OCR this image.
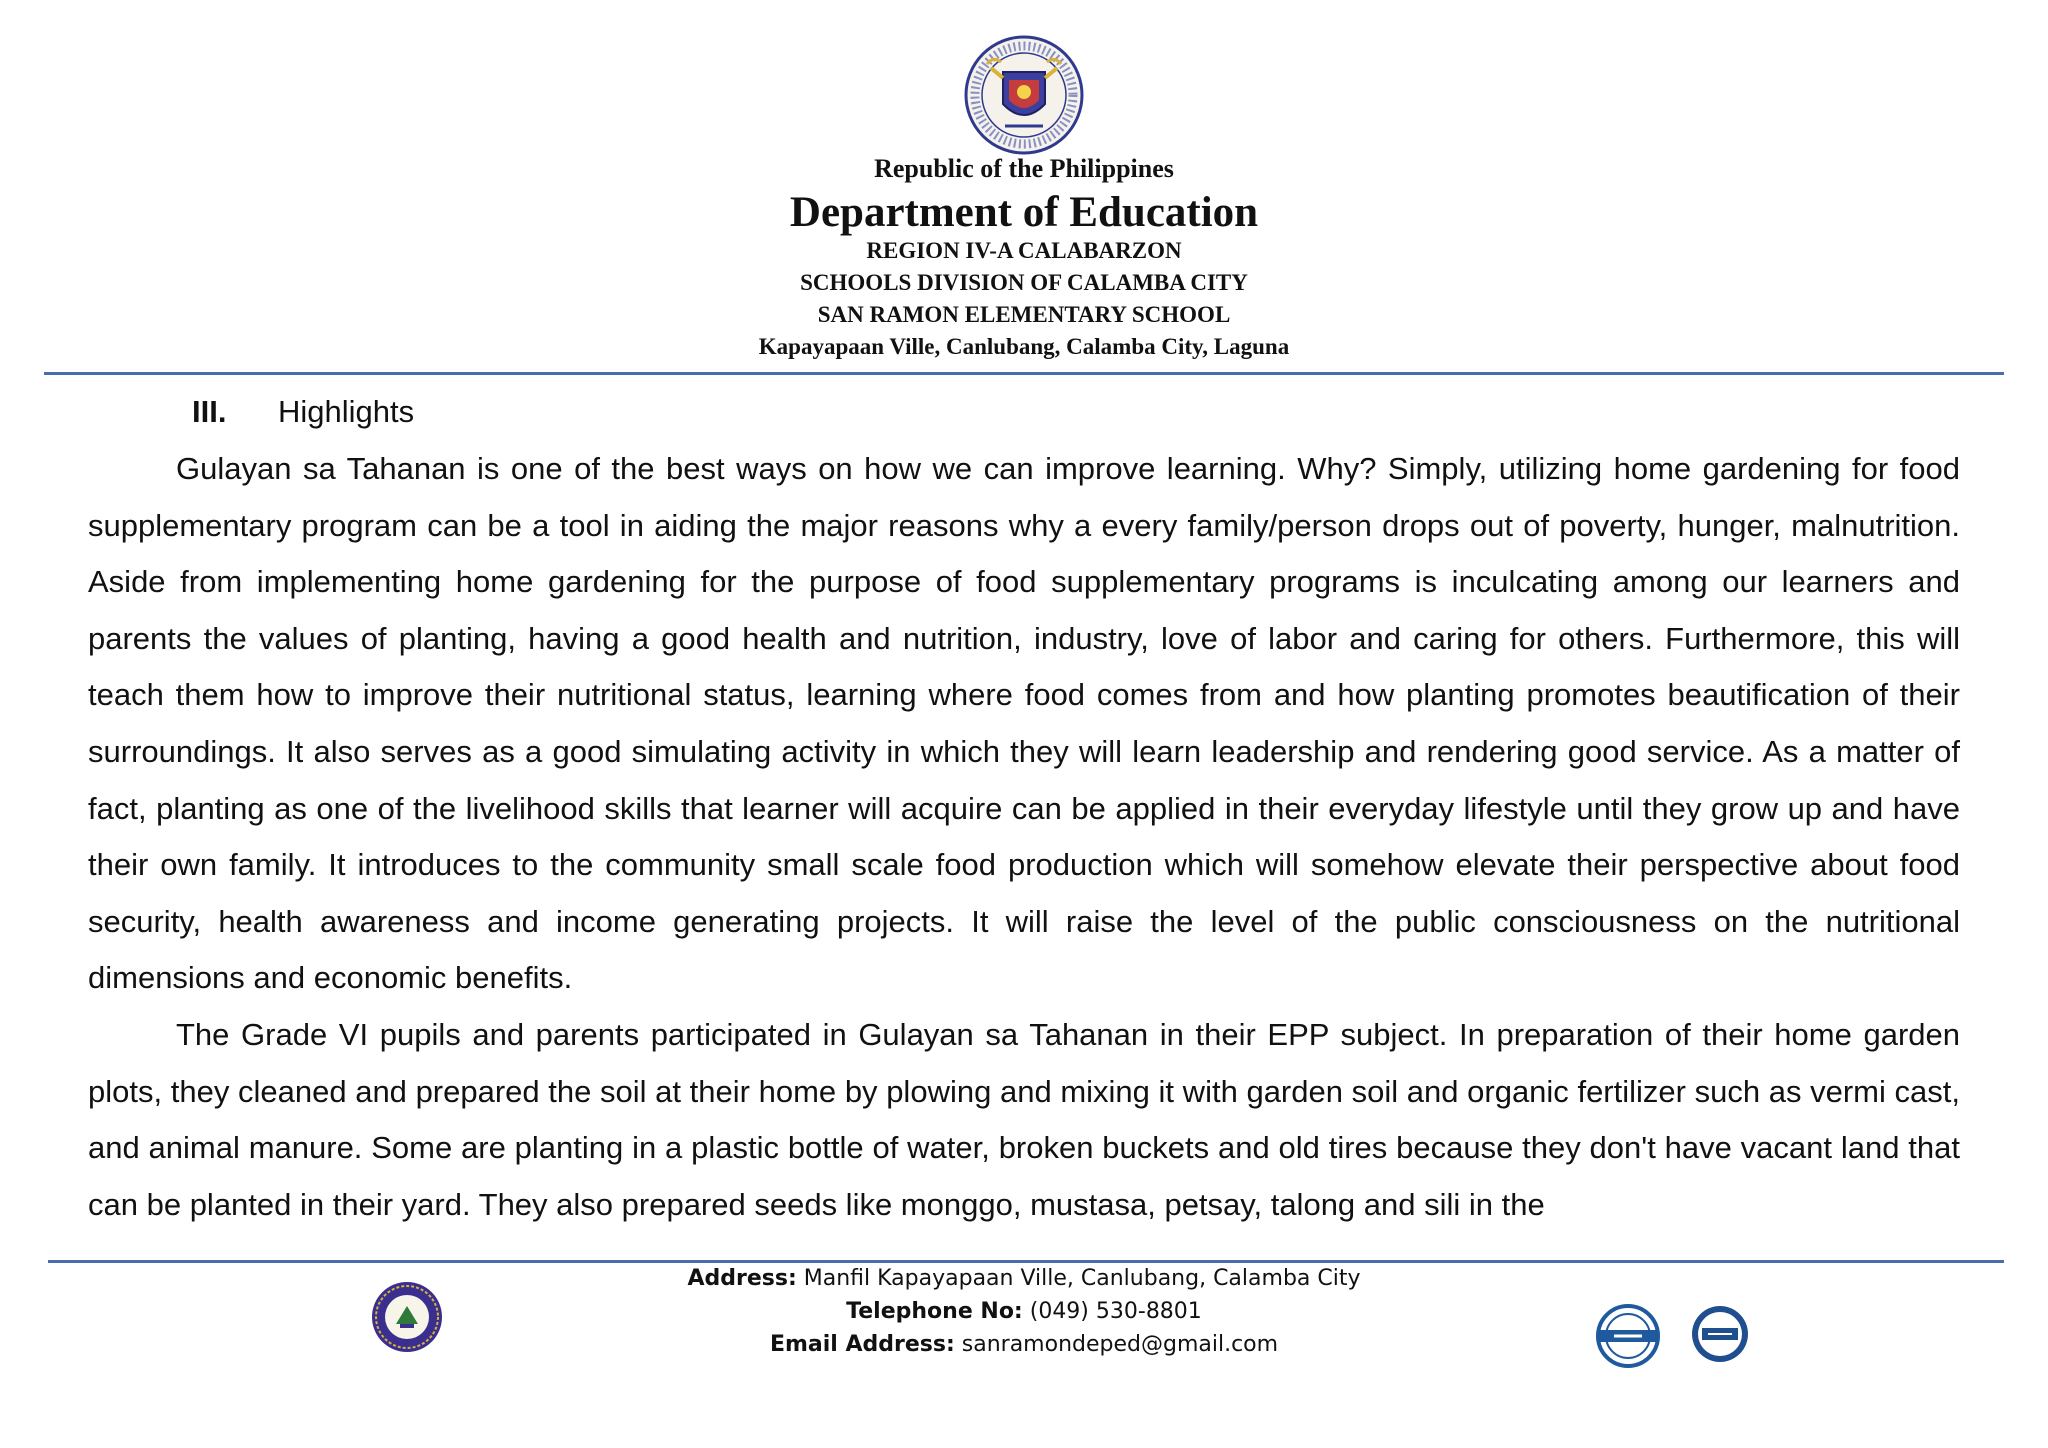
Republic of the Philippines
Department of Education
REGION IV-A CALABARZON
SCHOOLS DIVISION OF CALAMBA CITY
SAN RAMON ELEMENTARY SCHOOL
Kapayapaan Ville, Canlubang, Calamba City, Laguna
III. Highlights

Gulayan sa Tahanan is one of the best ways on how we can improve learning. Why? Simply, utilizing home gardening for food supplementary program can be a tool in aiding the major reasons why a every family/person drops out of poverty, hunger, malnutrition. Aside from implementing home gardening for the purpose of food supplementary programs is inculcating among our learners and parents the values of planting, having a good health and nutrition, industry, love of labor and caring for others. Furthermore, this will teach them how to improve their nutritional status, learning where food comes from and how planting promotes beautification of their surroundings. It also serves as a good simulating activity in which they will learn leadership and rendering good service. As a matter of fact, planting as one of the livelihood skills that learner will acquire can be applied in their everyday lifestyle until they grow up and have their own family. It introduces to the community small scale food production which will somehow elevate their perspective about food security, health awareness and income generating projects. It will raise the level of the public consciousness on the nutritional dimensions and economic benefits.

The Grade VI pupils and parents participated in Gulayan sa Tahanan in their EPP subject. In preparation of their home garden plots, they cleaned and prepared the soil at their home by plowing and mixing it with garden soil and organic fertilizer such as vermi cast, and animal manure. Some are planting in a plastic bottle of water, broken buckets and old tires because they don't have vacant land that can be planted in their yard. They also prepared seeds like monggo, mustasa, petsay, talong and sili in the

Address: Manfil Kapayapaan Ville, Canlubang, Calamba City
Telephone No: (049) 530-8801
Email Address: sanramondeped@gmail.com
